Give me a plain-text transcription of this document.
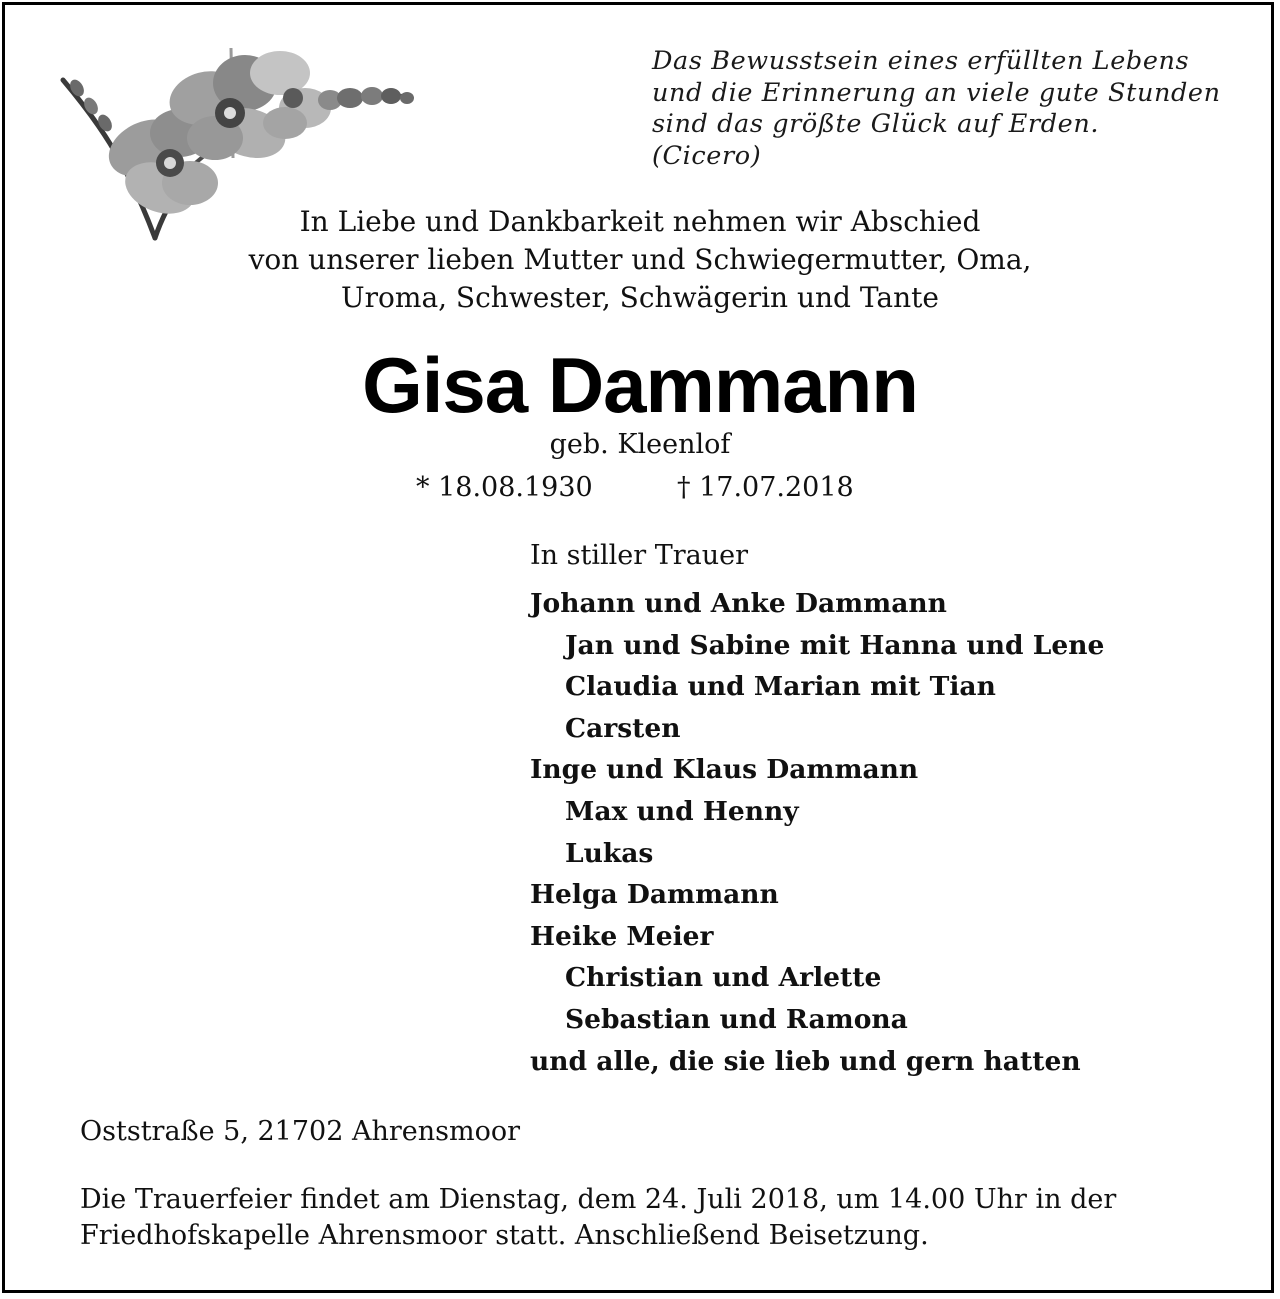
Das Bewusstsein eines erfüllten Lebens
und die Erinnerung an viele gute Stunden
sind das größte Glück auf Erden.
(Cicero)
In Liebe und Dankbarkeit nehmen wir Abschied
von unserer lieben Mutter und Schwiegermutter, Oma,
Uroma, Schwester, Schwägerin und Tante
Gisa Dammann
geb. Kleenlof
* 18.08.1930	† 17.07.2018
In stiller Trauer
Johann und Anke Dammann
Jan und Sabine mit Hanna und Lene
Claudia und Marian mit Tian
Carsten
Inge und Klaus Dammann
Max und Henny
Lukas
Helga Dammann
Heike Meier
Christian und Arlette
Sebastian und Ramona
und alle, die sie lieb und gern hatten
Oststraße 5, 21702 Ahrensmoor
Die Trauerfeier findet am Dienstag, dem 24. Juli 2018, um 14.00 Uhr in der
Friedhofskapelle Ahrensmoor statt. Anschließend Beisetzung.
